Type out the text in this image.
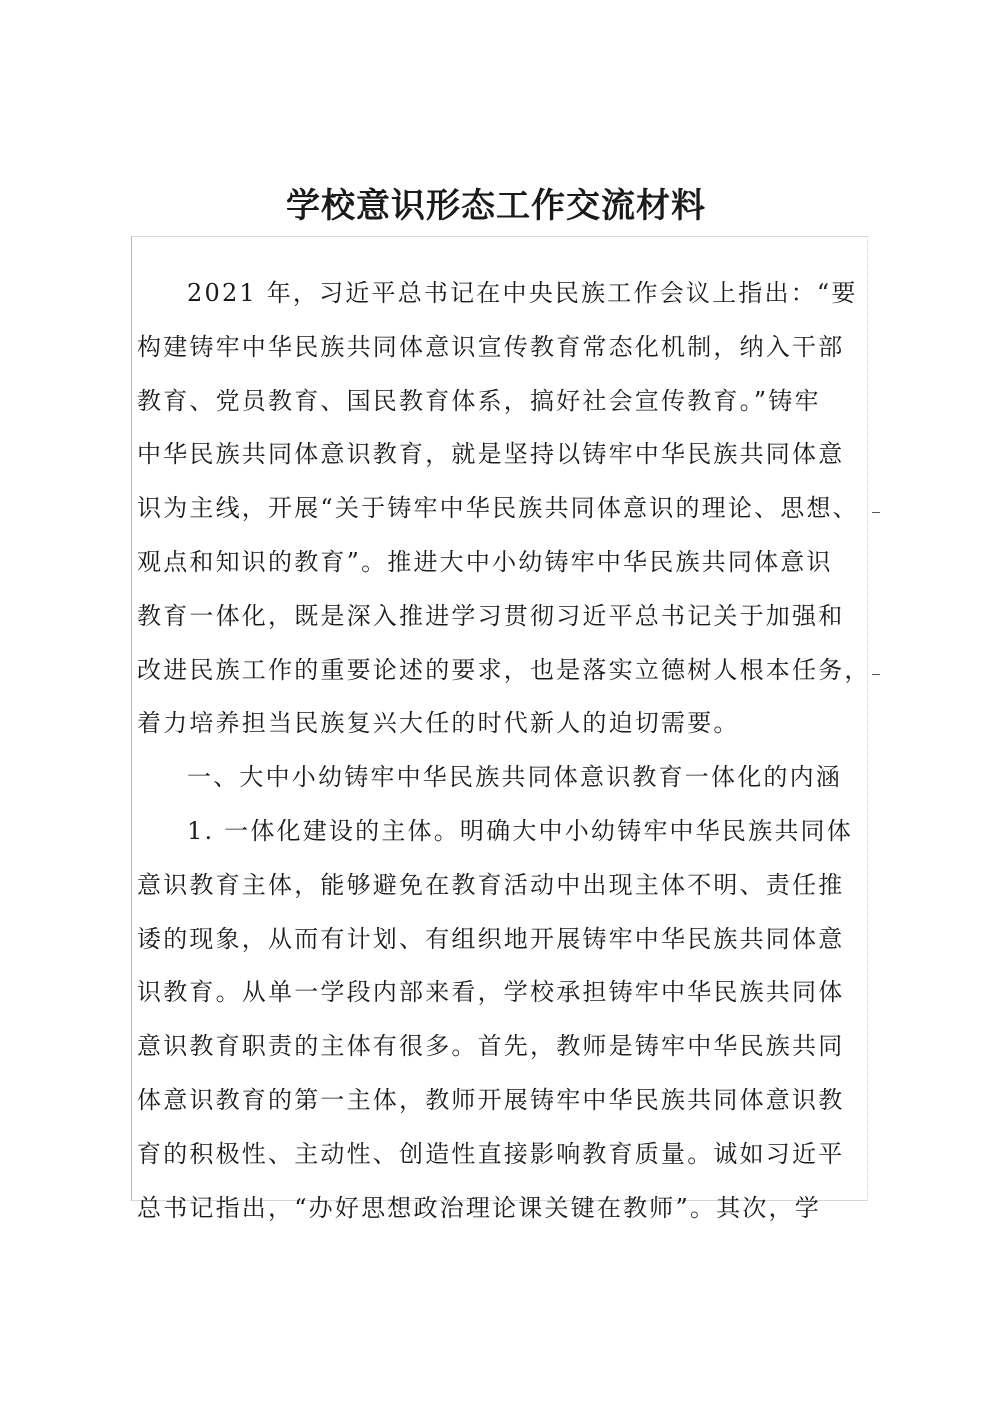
学校意识形态工作交流材料
2021 年，习近平总书记在中央民族工作会议上指出：“要
构建铸牢中华民族共同体意识宣传教育常态化机制，纳入干部
教育、党员教育、国民教育体系，搞好社会宣传教育。”铸牢
中华民族共同体意识教育，就是坚持以铸牢中华民族共同体意
识为主线，开展“关于铸牢中华民族共同体意识的理论、思想、
观点和知识的教育”。推进大中小幼铸牢中华民族共同体意识
教育一体化，既是深入推进学习贯彻习近平总书记关于加强和
改进民族工作的重要论述的要求，也是落实立德树人根本任务，
着力培养担当民族复兴大任的时代新人的迫切需要。
一、大中小幼铸牢中华民族共同体意识教育一体化的内涵
1. 一体化建设的主体。明确大中小幼铸牢中华民族共同体
意识教育主体，能够避免在教育活动中出现主体不明、责任推
诿的现象，从而有计划、有组织地开展铸牢中华民族共同体意
识教育。从单一学段内部来看，学校承担铸牢中华民族共同体
意识教育职责的主体有很多。首先，教师是铸牢中华民族共同
体意识教育的第一主体，教师开展铸牢中华民族共同体意识教
育的积极性、主动性、创造性直接影响教育质量。诚如习近平
总书记指出，“办好思想政治理论课关键在教师”。其次，学
